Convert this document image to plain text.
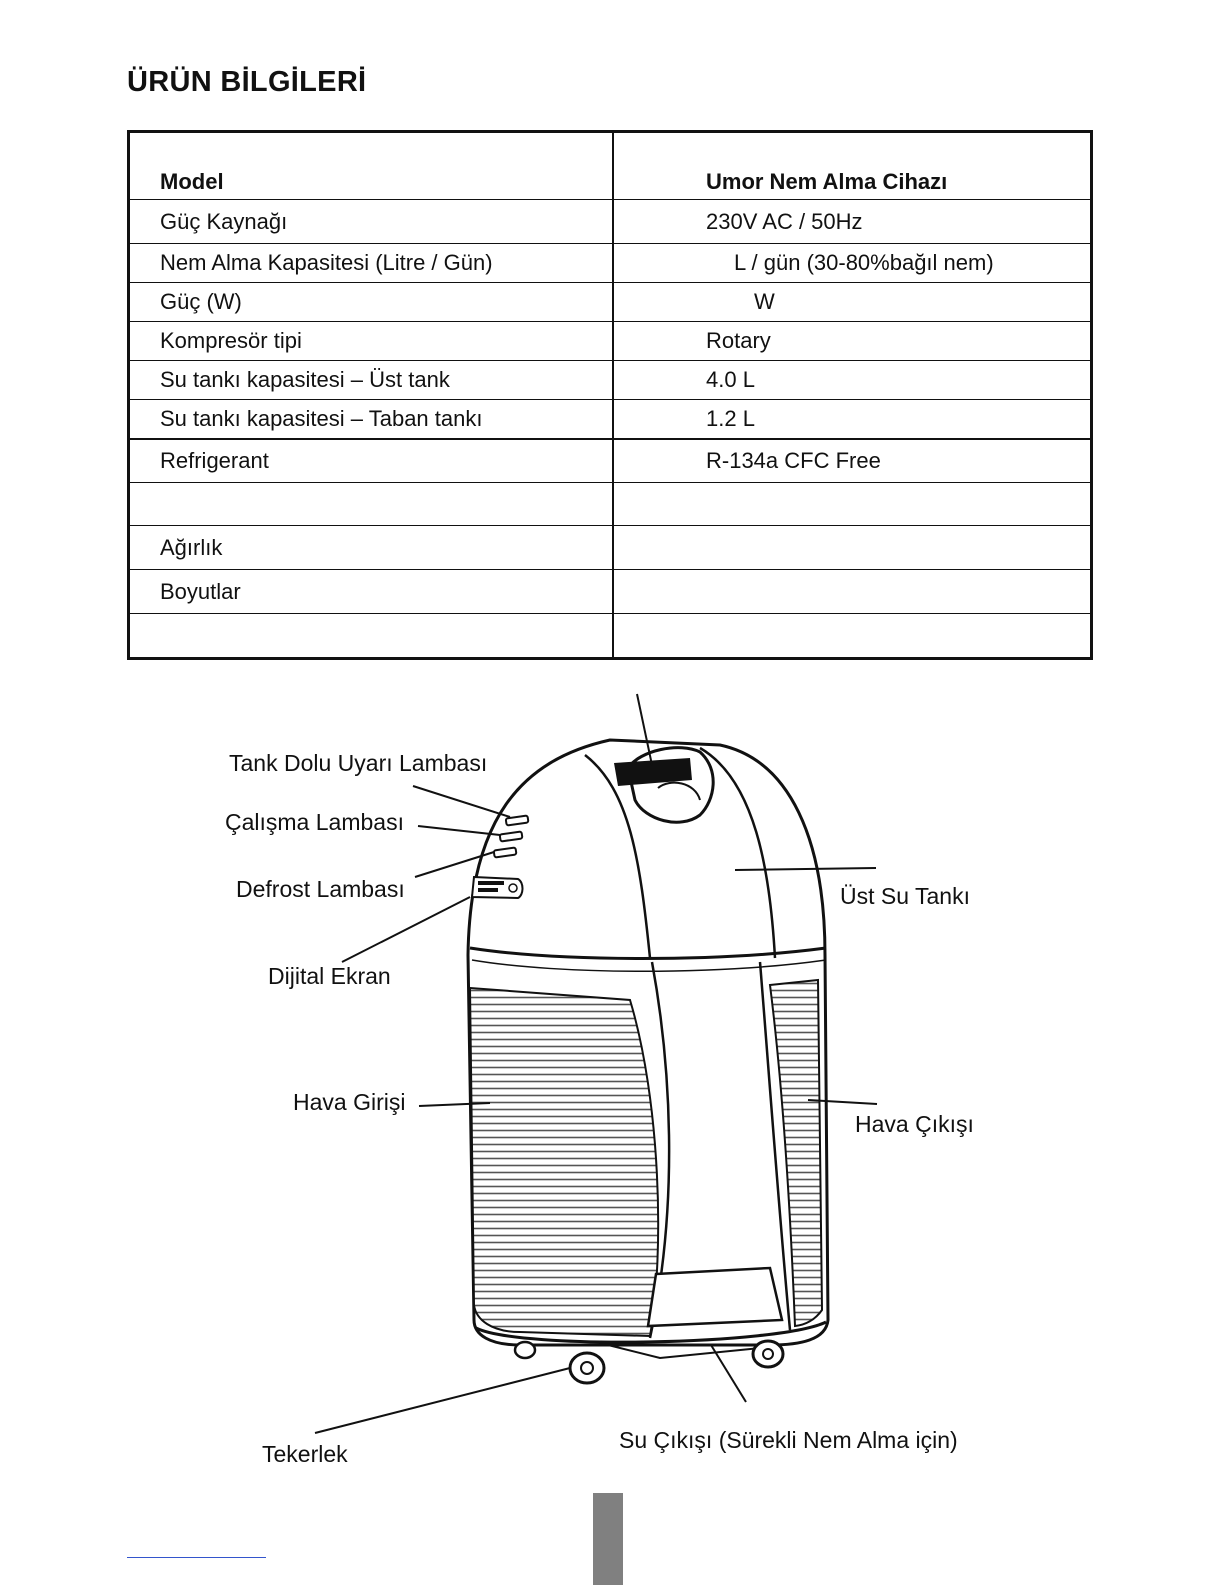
ÜRÜN BİLGİLERİ
Model	Umor Nem Alma Cihazı
Güç Kaynağı	230V AC / 50Hz
Nem Alma Kapasitesi (Litre / Gün)	L / gün (30-80%bağıl nem)
Güç (W)	W
Kompresör tipi	Rotary
Su tankı kapasitesi – Üst tank	4.0 L
Su tankı kapasitesi – Taban tankı	1.2 L
Refrigerant	R-134a CFC Free

Ağırlık	
Boyutlar	

Tank Dolu Uyarı Lambası
Çalışma Lambası
Defrost Lambası
Dijital Ekran
Hava Girişi
Üst Su Tankı
Hava Çıkışı
Tekerlek
Su Çıkışı (Sürekli Nem Alma için)
